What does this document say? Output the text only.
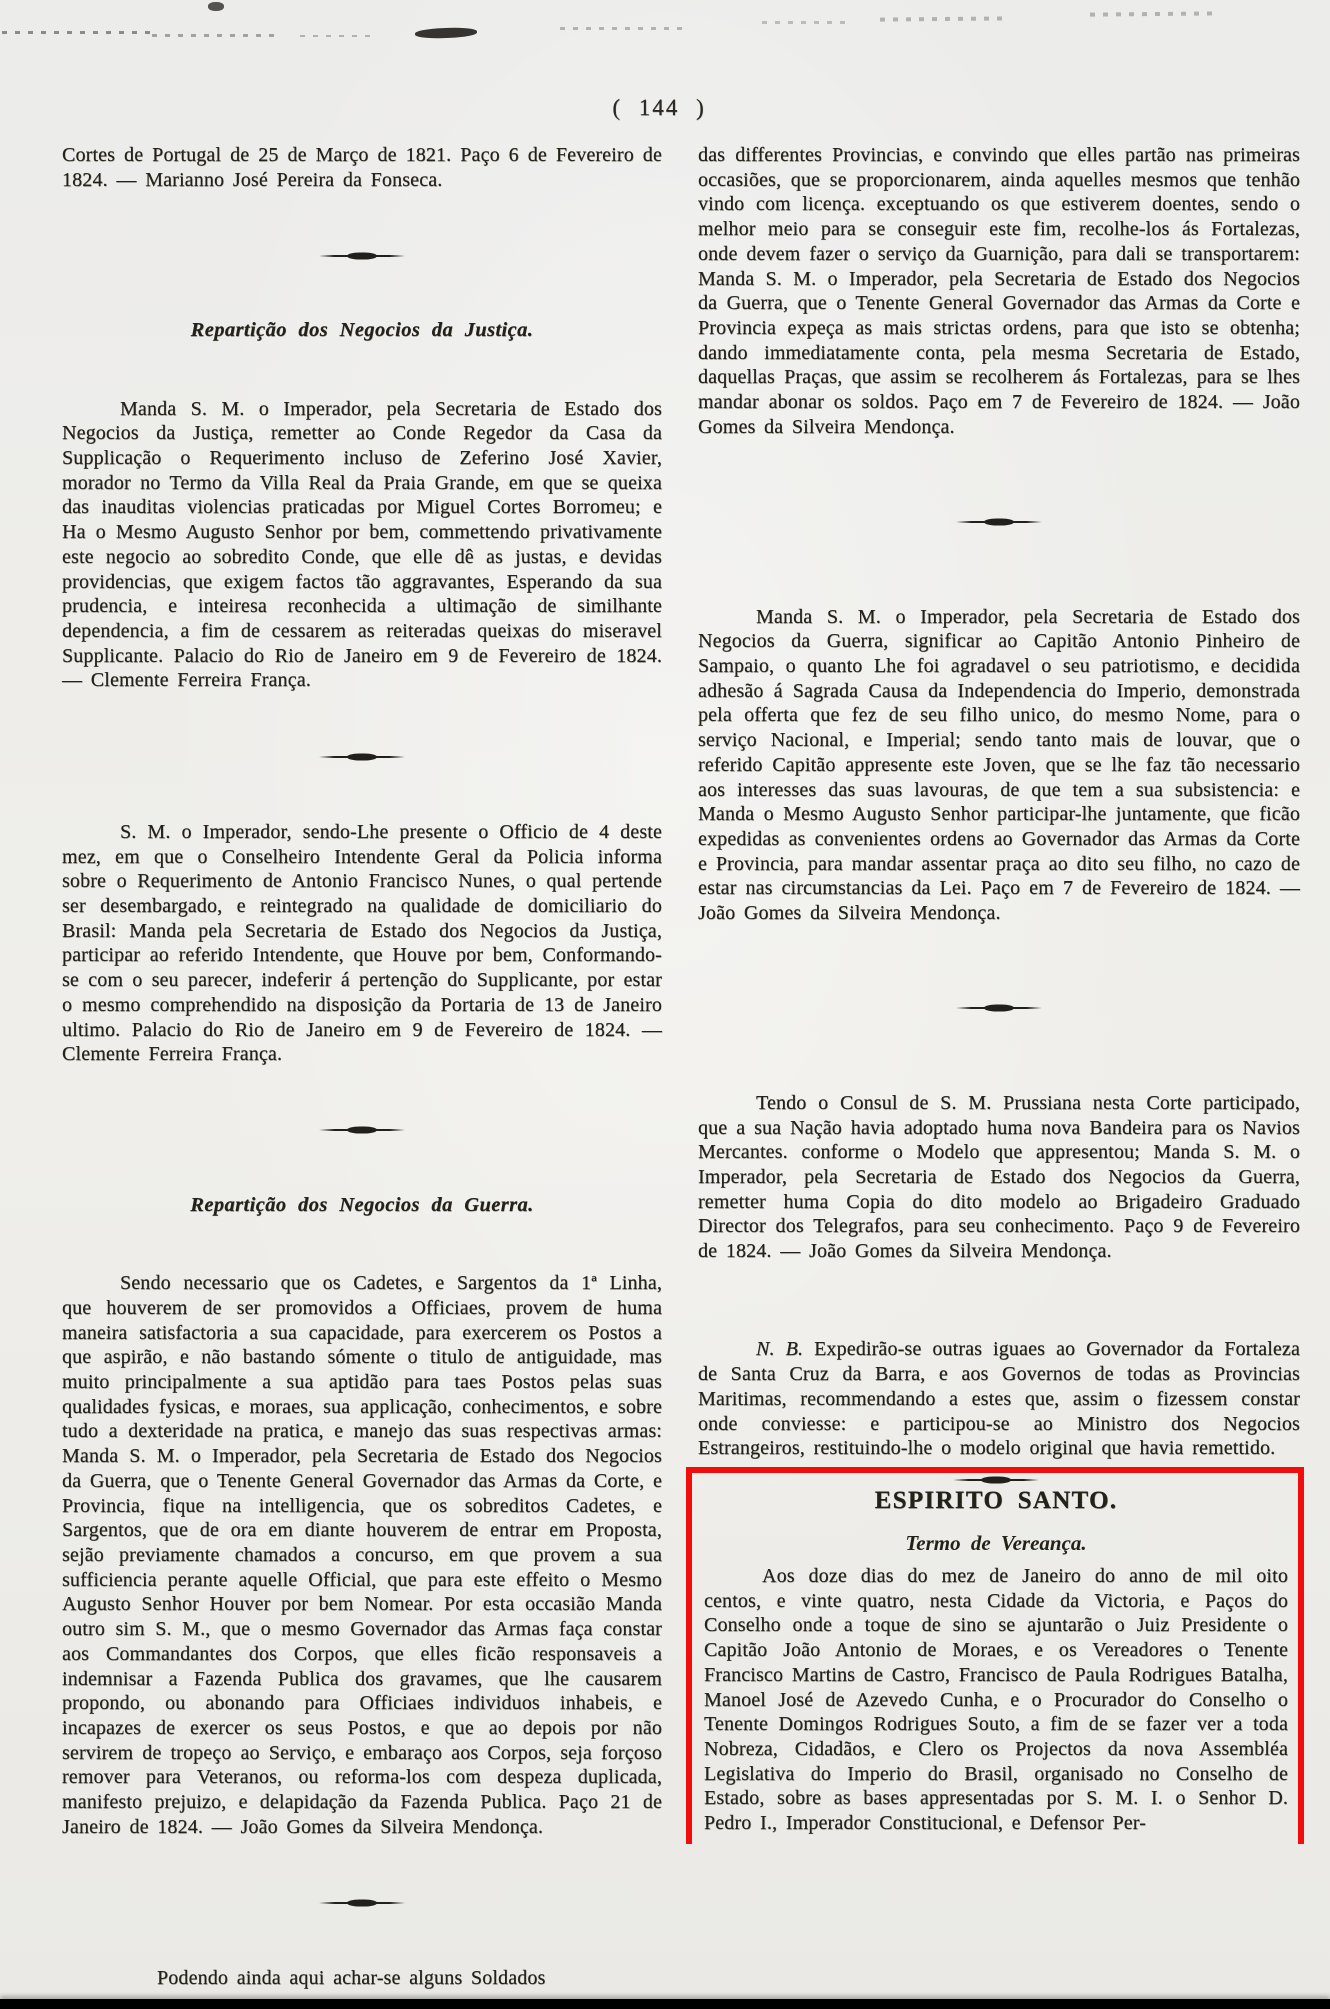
( 144 )

Cortes de Portugal de 25 de Março de 1821. Paço 6 de Fevereiro de 1824. — Marianno José Pereira da Fonseca.

Repartição dos Negocios da Justiça.

Manda S. M. o Imperador, pela Secretaria de Estado dos Negocios da Justiça, remetter ao Conde Regedor da Casa da Supplicação o Requerimento incluso de Zeferino José Xavier, morador no Termo da Villa Real da Praia Grande, em que se queixa das inauditas violencias praticadas por Miguel Cortes Borromeu; e Ha o Mesmo Augusto Senhor por bem, commettendo privativamente este negocio ao sobredito Conde, que elle dê as justas, e devidas providencias, que exigem factos tão aggravantes, Esperando da sua prudencia, e inteiresa reconhecida a ultimação de similhante dependencia, a fim de cessarem as reiteradas queixas do miseravel Supplicante. Palacio do Rio de Janeiro em 9 de Fevereiro de 1824. — Clemente Ferreira França.

S. M. o Imperador, sendo-Lhe presente o Officio de 4 deste mez, em que o Conselheiro Intendente Geral da Policia informa sobre o Requerimento de Antonio Francisco Nunes, o qual pertende ser desembargado, e reintegrado na qualidade de domiciliario do Brasil: Manda pela Secretaria de Estado dos Negocios da Justiça, participar ao referido Intendente, que Houve por bem, Conformando-se com o seu parecer, indeferir á pertenção do Supplicante, por estar o mesmo comprehendido na disposição da Portaria de 13 de Janeiro ultimo. Palacio do Rio de Janeiro em 9 de Fevereiro de 1824. — Clemente Ferreira França.

Repartição dos Negocios da Guerra.

Sendo necessario que os Cadetes, e Sargentos da 1ª Linha, que houverem de ser promovidos a Officiaes, provem de huma maneira satisfactoria a sua capacidade, para exercerem os Postos a que aspirão, e não bastando sómente o titulo de antiguidade, mas muito principalmente a sua aptidão para taes Postos pelas suas qualidades fysicas, e moraes, sua applicação, conhecimentos, e sobre tudo a dexteridade na pratica, e manejo das suas respectivas armas: Manda S. M. o Imperador, pela Secretaria de Estado dos Negocios da Guerra, que o Tenente General Governador das Armas da Corte, e Provincia, fique na intelligencia, que os sobreditos Cadetes, e Sargentos, que de ora em diante houverem de entrar em Proposta, sejão previamente chamados a concurso, em que provem a sua sufficiencia perante aquelle Official, que para este effeito o Mesmo Augusto Senhor Houver por bem Nomear. Por esta occasião Manda outro sim S. M., que o mesmo Governador das Armas faça constar aos Commandantes dos Corpos, que elles ficão responsaveis a indemnisar a Fazenda Publica dos gravames, que lhe causarem propondo, ou abonando para Officiaes individuos inhabeis, e incapazes de exercer os seus Postos, e que ao depois por não servirem de tropeço ao Serviço, e embaraço aos Corpos, seja forçoso remover para Veteranos, ou reforma-los com despeza duplicada, manifesto prejuizo, e delapidação da Fazenda Publica. Paço 21 de Janeiro de 1824. — João Gomes da Silveira Mendonça.

Podendo ainda aqui achar-se alguns Soldados

das differentes Provincias, e convindo que elles partão nas primeiras occasiões, que se proporcionarem, ainda aquelles mesmos que tenhão vindo com licença. exceptuando os que estiverem doentes, sendo o melhor meio para se conseguir este fim, recolhe-los ás Fortalezas, onde devem fazer o serviço da Guarnição, para dali se transportarem: Manda S. M. o Imperador, pela Secretaria de Estado dos Negocios da Guerra, que o Tenente General Governador das Armas da Corte e Provincia expeça as mais strictas ordens, para que isto se obtenha; dando immediatamente conta, pela mesma Secretaria de Estado, daquellas Praças, que assim se recolherem ás Fortalezas, para se lhes mandar abonar os soldos. Paço em 7 de Fevereiro de 1824. — João Gomes da Silveira Mendonça.

Manda S. M. o Imperador, pela Secretaria de Estado dos Negocios da Guerra, significar ao Capitão Antonio Pinheiro de Sampaio, o quanto Lhe foi agradavel o seu patriotismo, e decidida adhesão á Sagrada Causa da Independencia do Imperio, demonstrada pela offerta que fez de seu filho unico, do mesmo Nome, para o serviço Nacional, e Imperial; sendo tanto mais de louvar, que o referido Capitão appresente este Joven, que se lhe faz tão necessario aos interesses das suas lavouras, de que tem a sua subsistencia: e Manda o Mesmo Augusto Senhor participar-lhe juntamente, que ficão expedidas as convenientes ordens ao Governador das Armas da Corte e Provincia, para mandar assentar praça ao dito seu filho, no cazo de estar nas circumstancias da Lei. Paço em 7 de Fevereiro de 1824. — João Gomes da Silveira Mendonça.

Tendo o Consul de S. M. Prussiana nesta Corte participado, que a sua Nação havia adoptado huma nova Bandeira para os Navios Mercantes. conforme o Modelo que appresentou; Manda S. M. o Imperador, pela Secretaria de Estado dos Negocios da Guerra, remetter huma Copia do dito modelo ao Brigadeiro Graduado Director dos Telegrafos, para seu conhecimento. Paço 9 de Fevereiro de 1824. — João Gomes da Silveira Mendonça.

N. B. Expedirão-se outras iguaes ao Governador da Fortaleza de Santa Cruz da Barra, e aos Governos de todas as Provincias Maritimas, recommendando a estes que, assim o fizessem constar onde conviesse: e participou-se ao Ministro dos Negocios Estrangeiros, restituindo-lhe o modelo original que havia remettido.

ESPIRITO SANTO.
Termo de Vereança.

Aos doze dias do mez de Janeiro do anno de mil oito centos, e vinte quatro, nesta Cidade da Victoria, e Paços do Conselho onde a toque de sino se ajuntarão o Juiz Presidente o Capitão João Antonio de Moraes, e os Vereadores o Tenente Francisco Martins de Castro, Francisco de Paula Rodrigues Batalha, Manoel José de Azevedo Cunha, e o Procurador do Conselho o Tenente Domingos Rodrigues Souto, a fim de se fazer ver a toda Nobreza, Cidadãos, e Clero os Projectos da nova Assembléa Legislativa do Imperio do Brasil, organisado no Conselho de Estado, sobre as bases appresentadas por S. M. I. o Senhor D. Pedro I., Imperador Constitucional, e Defensor Per-
